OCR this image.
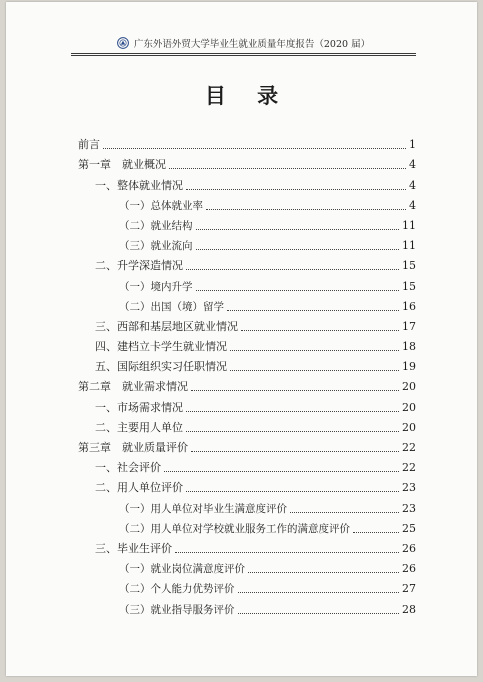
广东外语外贸大学毕业生就业质量年度报告（2020 届）
目 录
前言	1
第一章　就业概况	4
一、整体就业情况	4
（一）总体就业率	4
（二）就业结构	11
（三）就业流向	11
二、升学深造情况	15
（一）境内升学	15
（二）出国（境）留学	16
三、西部和基层地区就业情况	17
四、建档立卡学生就业情况	18
五、国际组织实习任职情况	19
第二章　就业需求情况	20
一、市场需求情况	20
二、主要用人单位	20
第三章　就业质量评价	22
一、社会评价	22
二、用人单位评价	23
（一）用人单位对毕业生满意度评价	23
（二）用人单位对学校就业服务工作的满意度评价	25
三、毕业生评价	26
（一）就业岗位满意度评价	26
（二）个人能力优势评价	27
（三）就业指导服务评价	28
